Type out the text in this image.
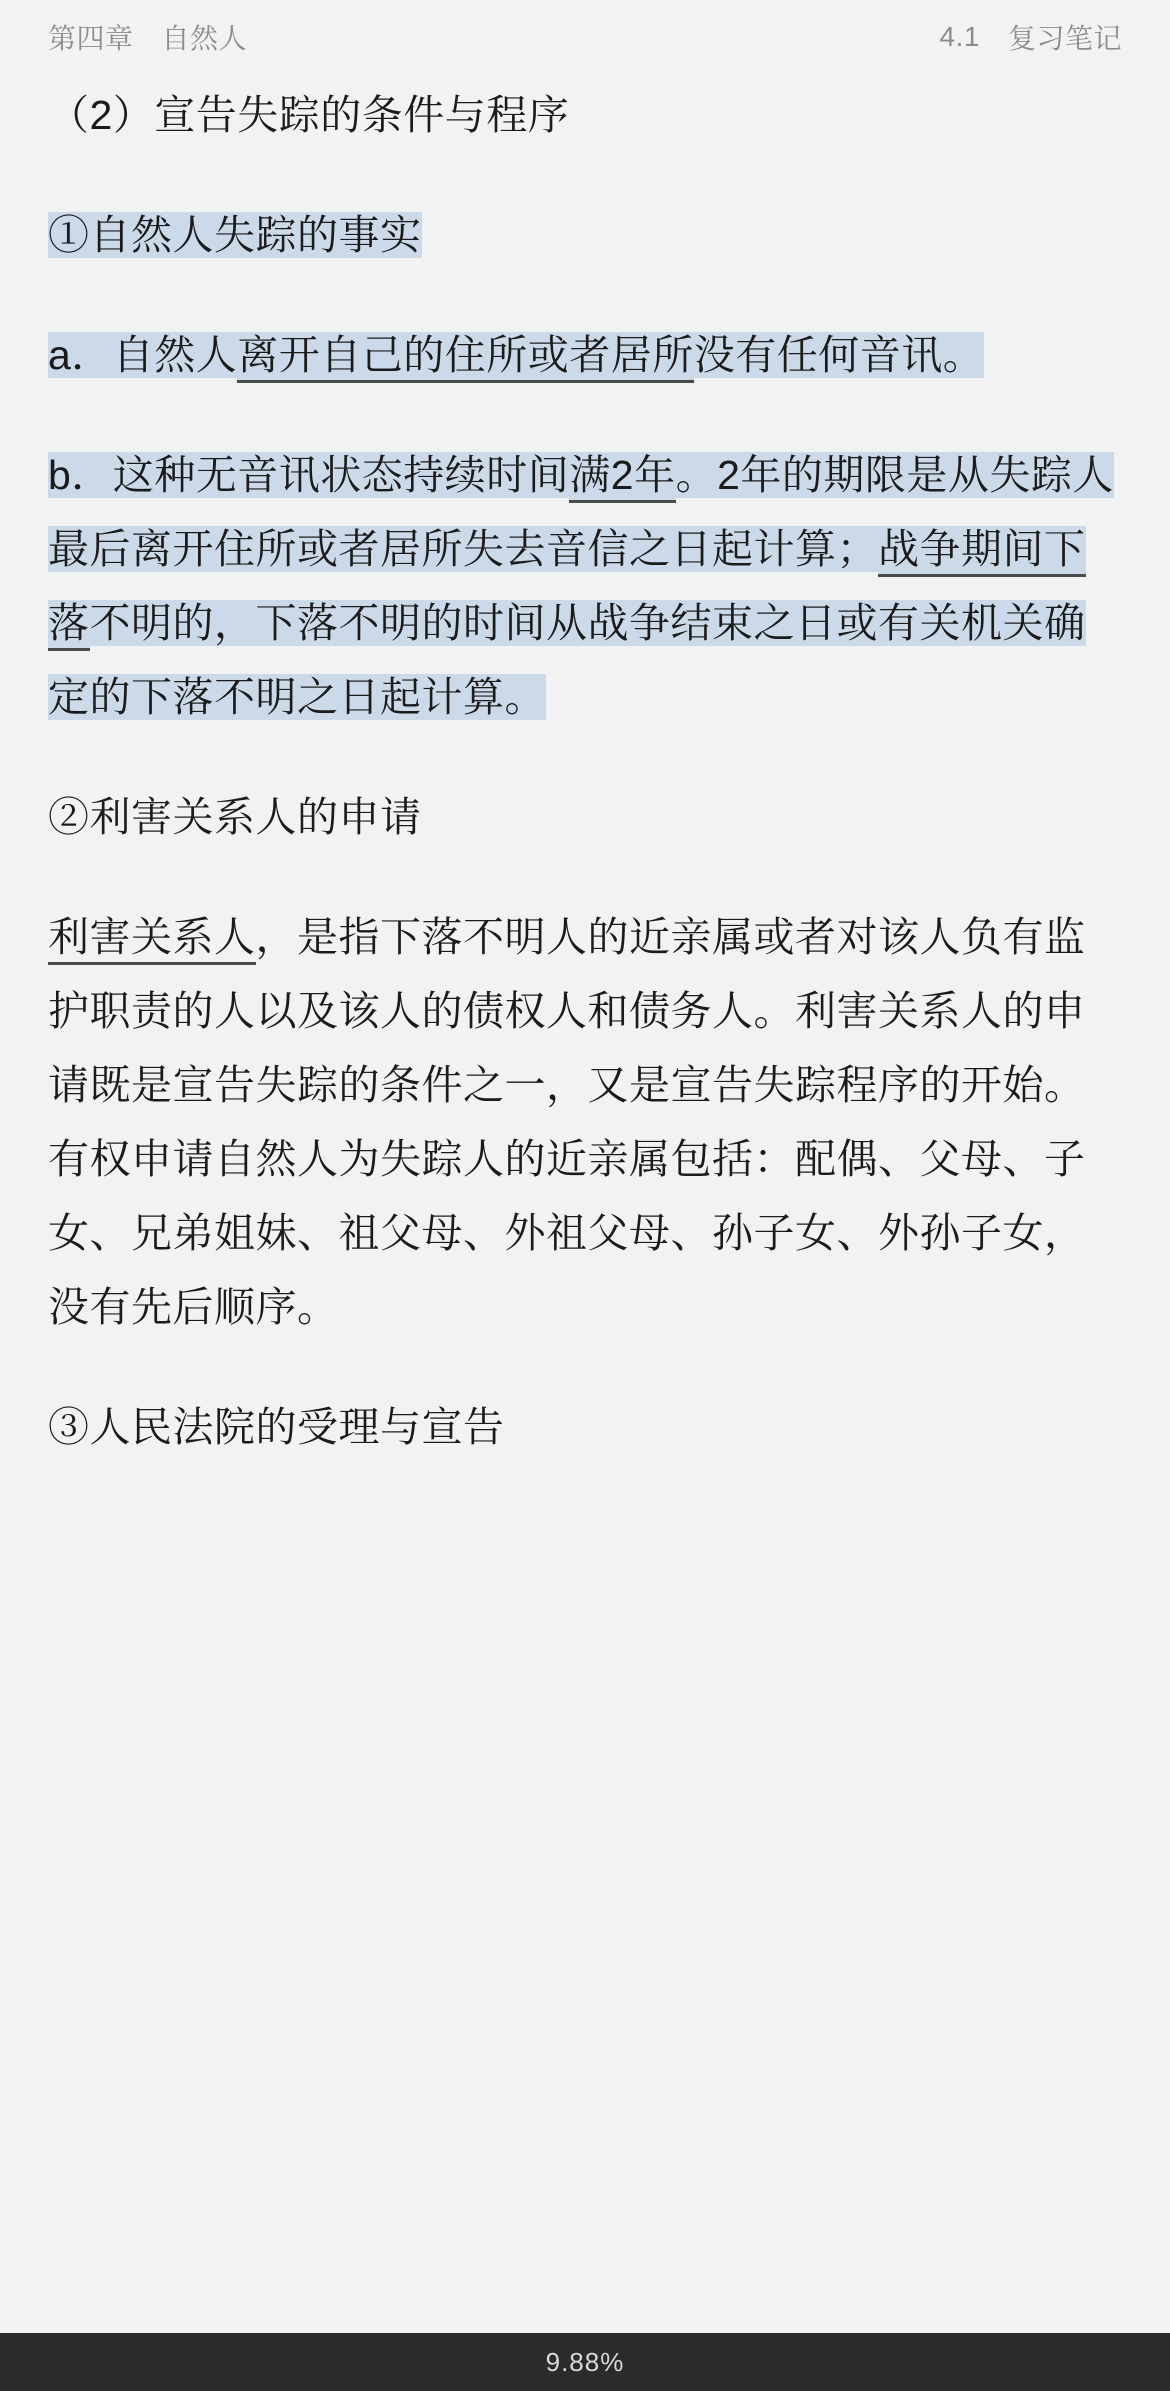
第四章 自然人	4.1 复习笔记

（2）宣告失踪的条件与程序

①自然人失踪的事实

a．自然人离开自己的住所或者居所没有任何音讯。

b．这种无音讯状态持续时间满2年。2年的期限是从失踪人最后离开住所或者居所失去音信之日起计算；战争期间下落不明的，下落不明的时间从战争结束之日或有关机关确定的下落不明之日起计算。

②利害关系人的申请

利害关系人，是指下落不明人的近亲属或者对该人负有监护职责的人以及该人的债权人和债务人。利害关系人的申请既是宣告失踪的条件之一，又是宣告失踪程序的开始。有权申请自然人为失踪人的近亲属包括：配偶、父母、子女、兄弟姐妹、祖父母、外祖父母、孙子女、外孙子女，没有先后顺序。

③人民法院的受理与宣告

9.88%
